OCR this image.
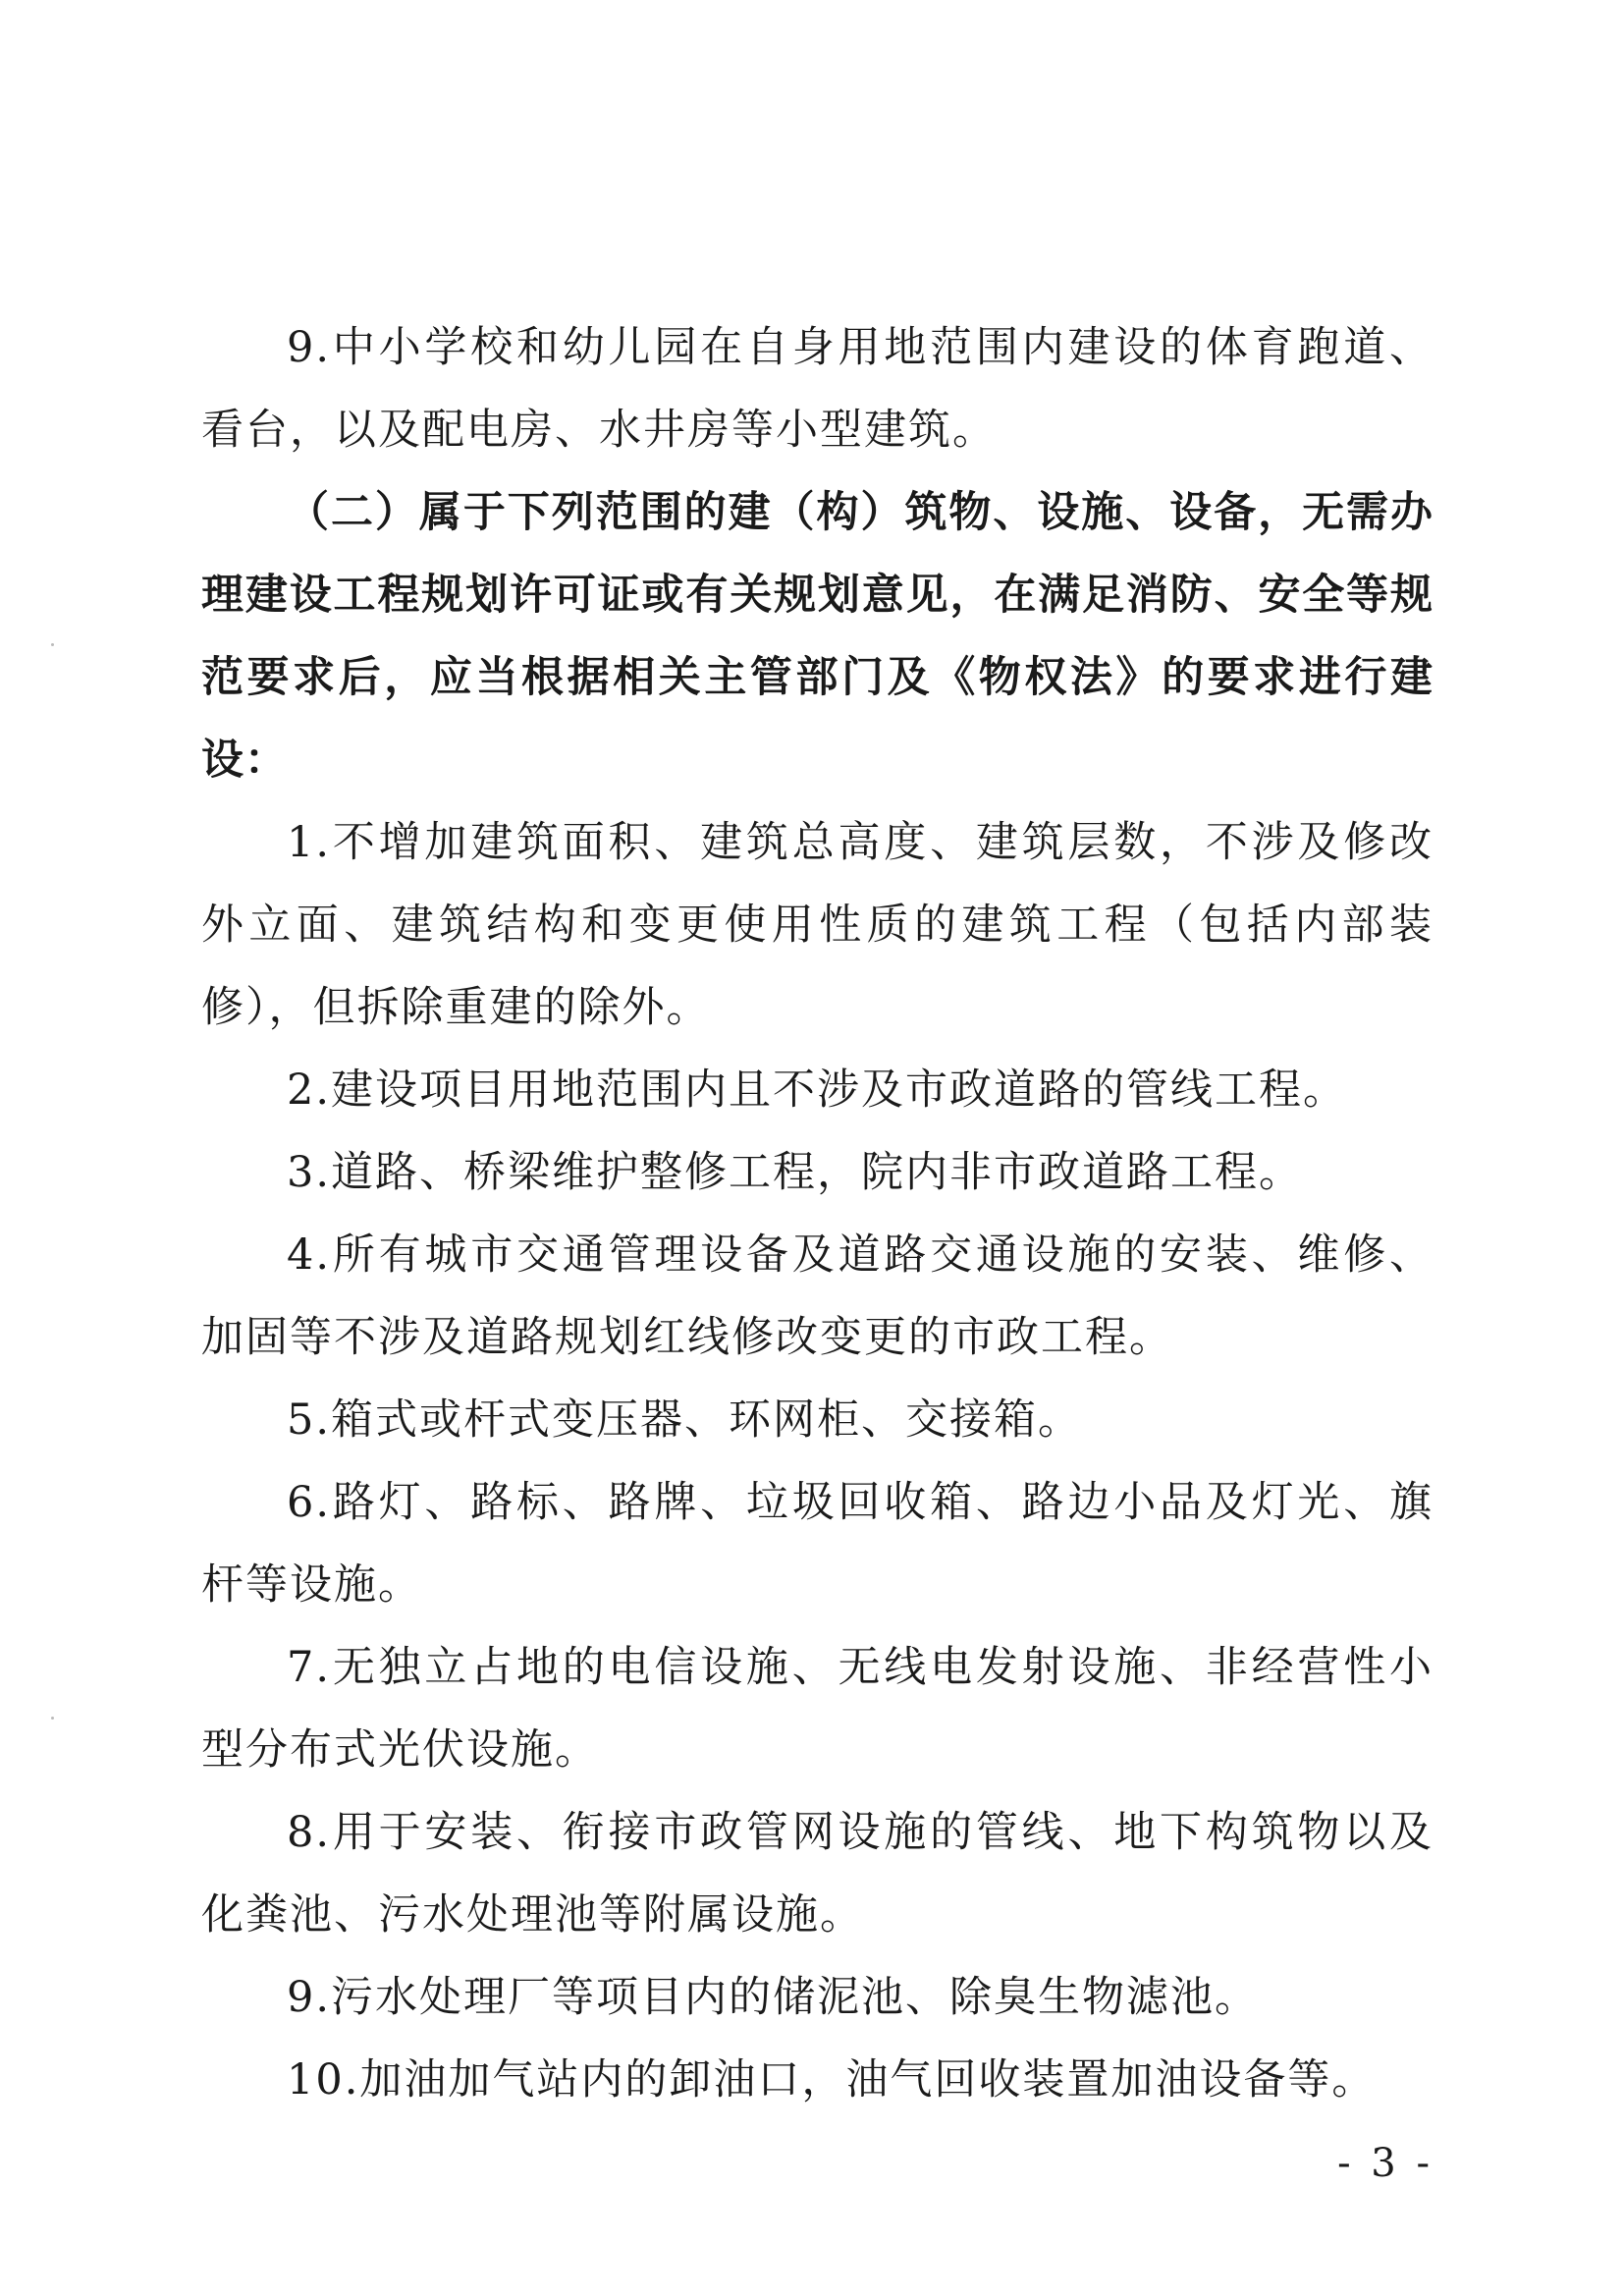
9.中小学校和幼儿园在自身用地范围内建设的体育跑道、看台，以及配电房、水井房等小型建筑。

（二）属于下列范围的建（构）筑物、设施、设备，无需办理建设工程规划许可证或有关规划意见，在满足消防、安全等规范要求后，应当根据相关主管部门及《物权法》的要求进行建设：

1.不增加建筑面积、建筑总高度、建筑层数，不涉及修改外立面、建筑结构和变更使用性质的建筑工程（包括内部装修），但拆除重建的除外。

2.建设项目用地范围内且不涉及市政道路的管线工程。

3.道路、桥梁维护整修工程，院内非市政道路工程。

4.所有城市交通管理设备及道路交通设施的安装、维修、加固等不涉及道路规划红线修改变更的市政工程。

5.箱式或杆式变压器、环网柜、交接箱。

6.路灯、路标、路牌、垃圾回收箱、路边小品及灯光、旗杆等设施。

7.无独立占地的电信设施、无线电发射设施、非经营性小型分布式光伏设施。

8.用于安装、衔接市政管网设施的管线、地下构筑物以及化粪池、污水处理池等附属设施。

9.污水处理厂等项目内的储泥池、除臭生物滤池。

10.加油加气站内的卸油口，油气回收装置加油设备等。

- 3 -
